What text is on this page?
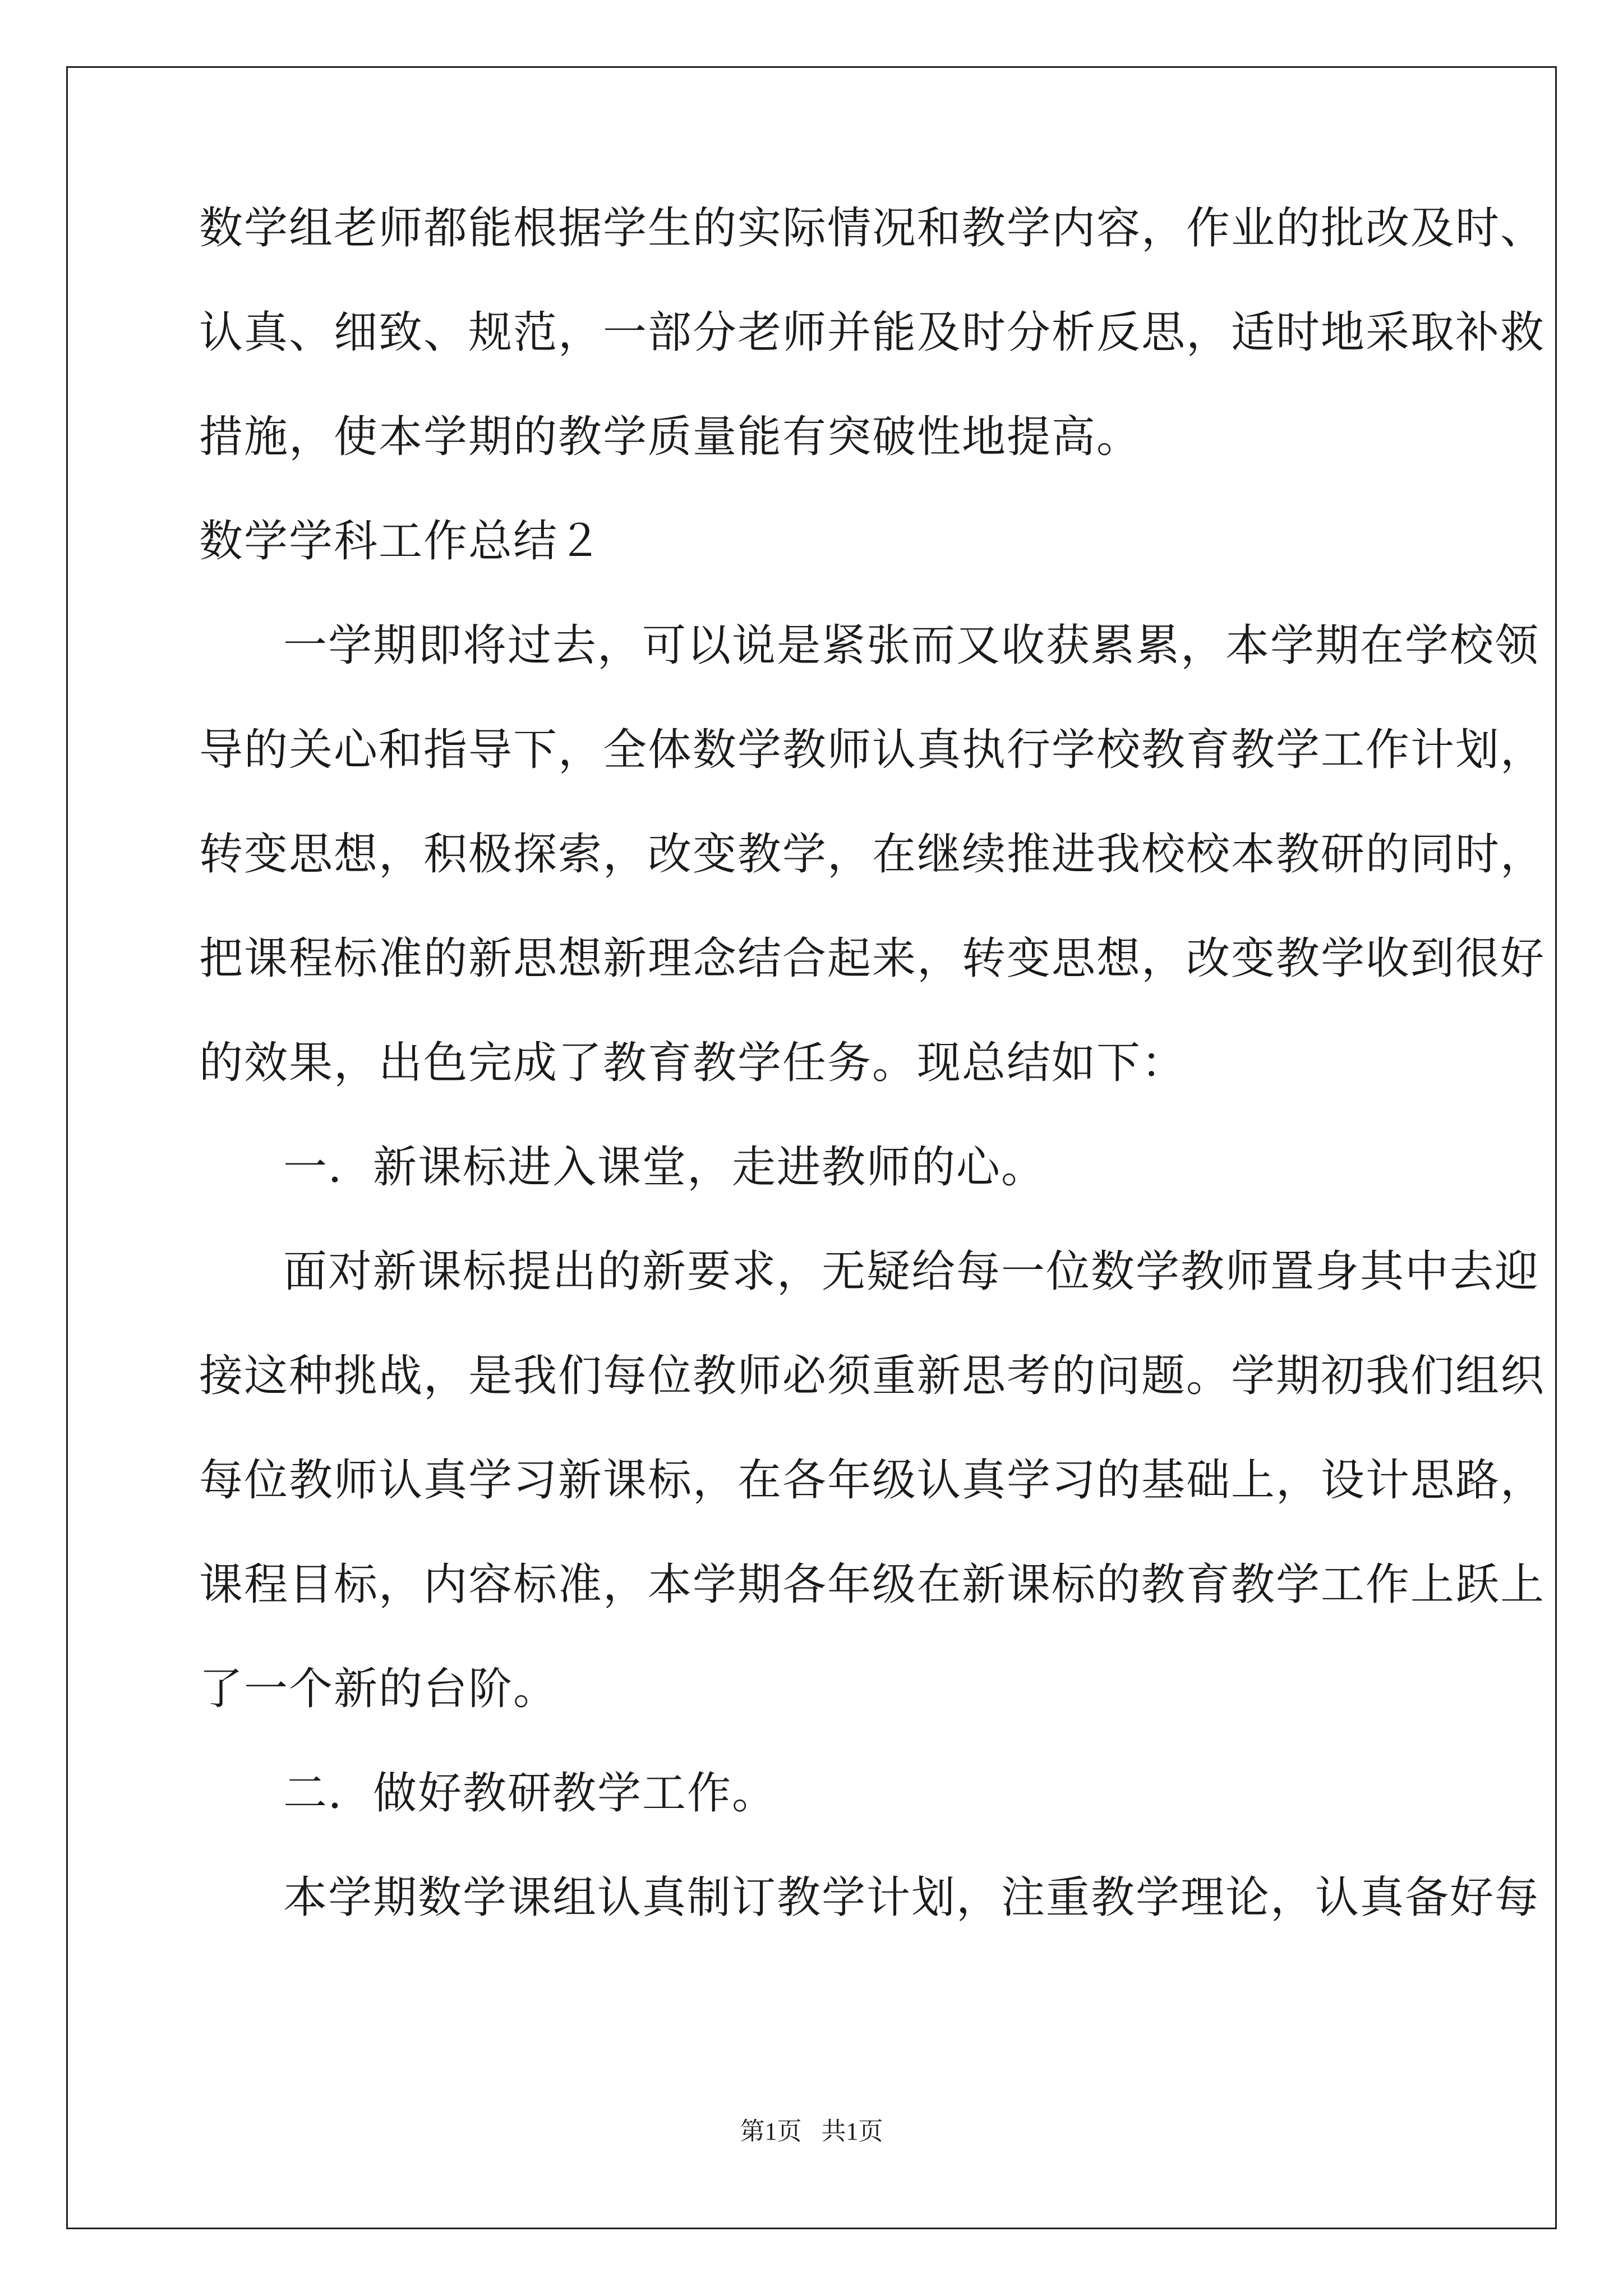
数学组老师都能根据学生的实际情况和教学内容，作业的批改及时、
认真、细致、规范，一部分老师并能及时分析反思，适时地采取补救
措施，使本学期的教学质量能有突破性地提高。
数学学科工作总结２
一学期即将过去，可以说是紧张而又收获累累，本学期在学校领
导的关心和指导下，全体数学教师认真执行学校教育教学工作计划，
转变思想，积极探索，改变教学，在继续推进我校校本教研的同时，
把课程标准的新思想新理念结合起来，转变思想，改变教学收到很好
的效果，出色完成了教育教学任务。现总结如下：
一．新课标进入课堂，走进教师的心。
面对新课标提出的新要求，无疑给每一位数学教师置身其中去迎
接这种挑战，是我们每位教师必须重新思考的问题。学期初我们组织
每位教师认真学习新课标，在各年级认真学习的基础上，设计思路，
课程目标，内容标准，本学期各年级在新课标的教育教学工作上跃上
了一个新的台阶。
二．做好教研教学工作。
本学期数学课组认真制订教学计划，注重教学理论，认真备好每
第1页 共1页
